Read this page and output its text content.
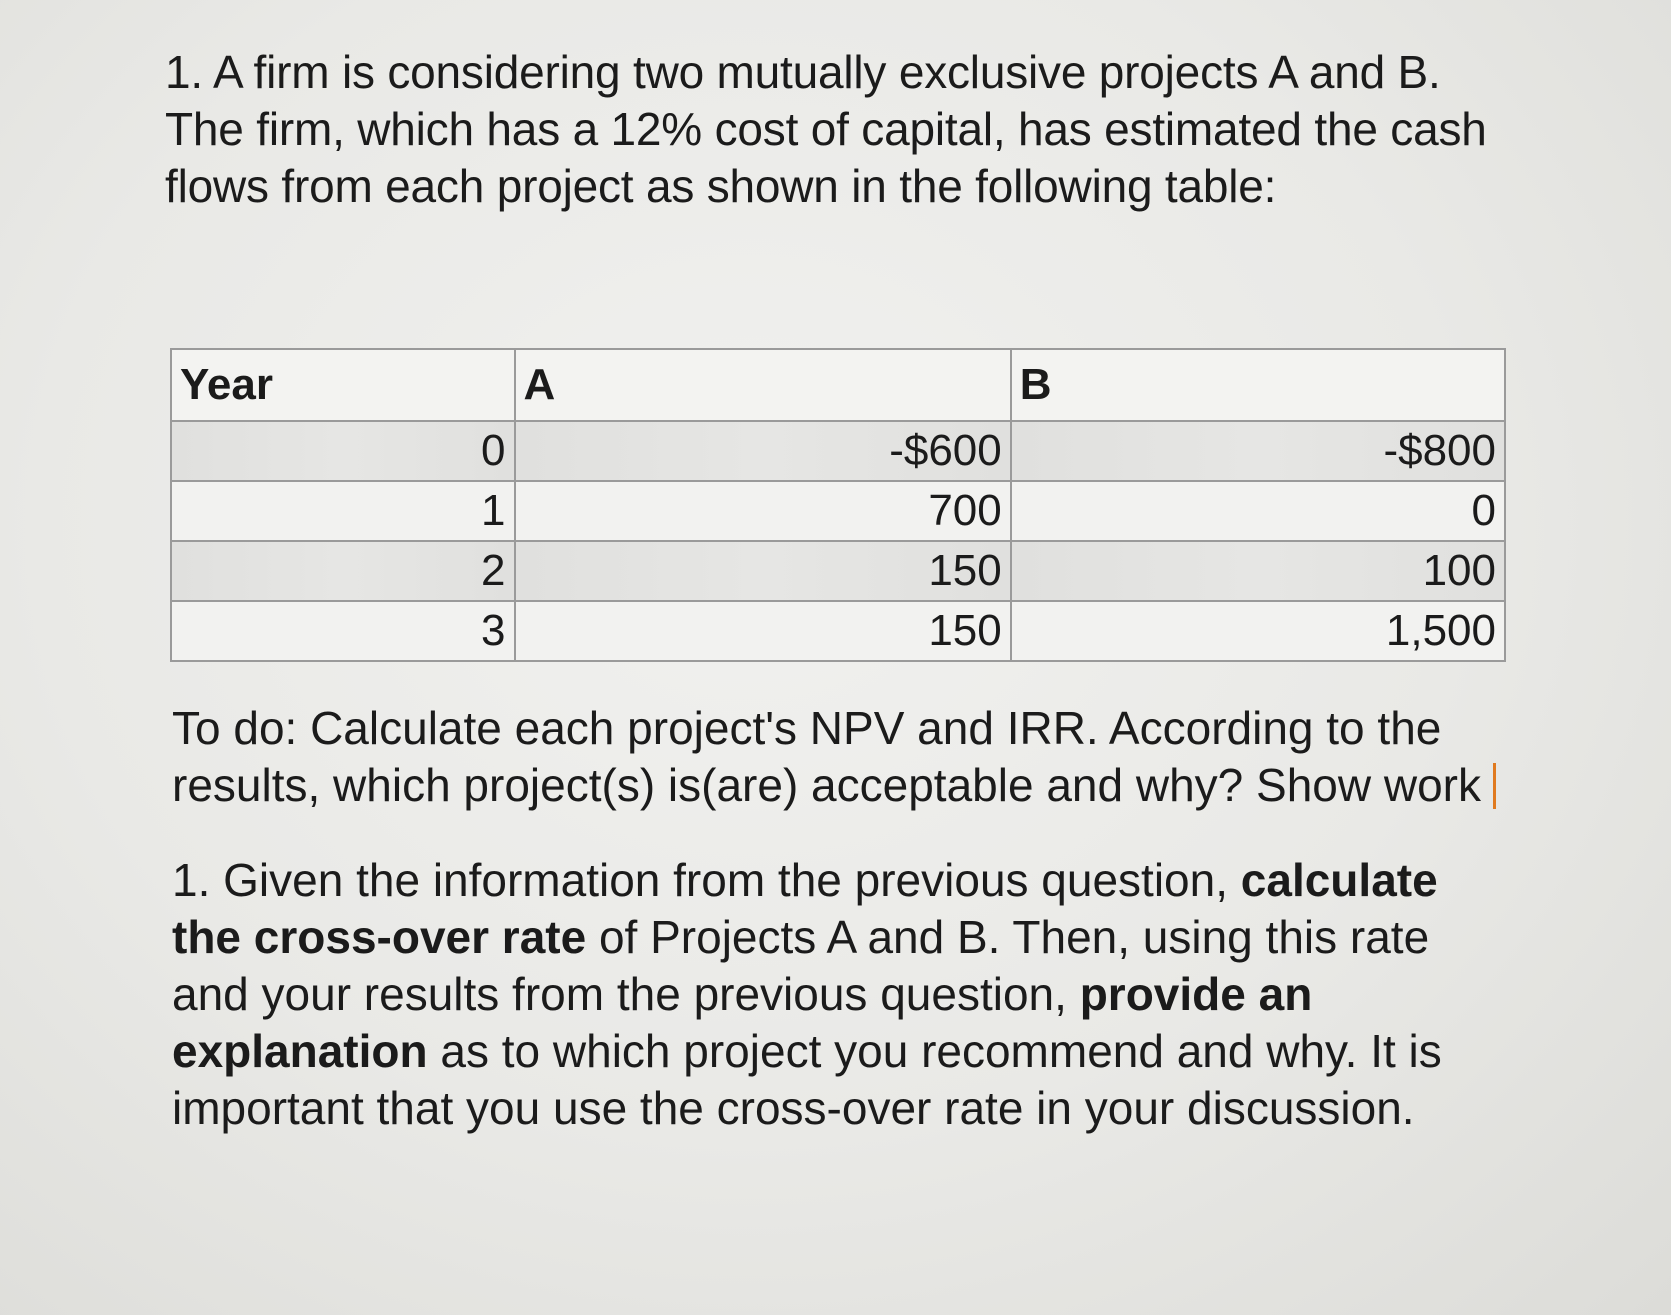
1. A firm is considering two mutually exclusive projects A and B.

The firm, which has a 12% cost of capital, has estimated the cash

flows from each project as shown in the following table:

Year	A	B
0	-$600	-$800
1	700	0
2	150	100
3	150	1,500

To do: Calculate each project's NPV and IRR. According to the

results, which project(s) is(are) acceptable and why? Show work

1. Given the information from the previous question, calculate the cross-over rate of Projects A and B. Then, using this rate and your results from the previous question, provide an explanation as to which project you recommend and why. It is important that you use the cross-over rate in your discussion.
